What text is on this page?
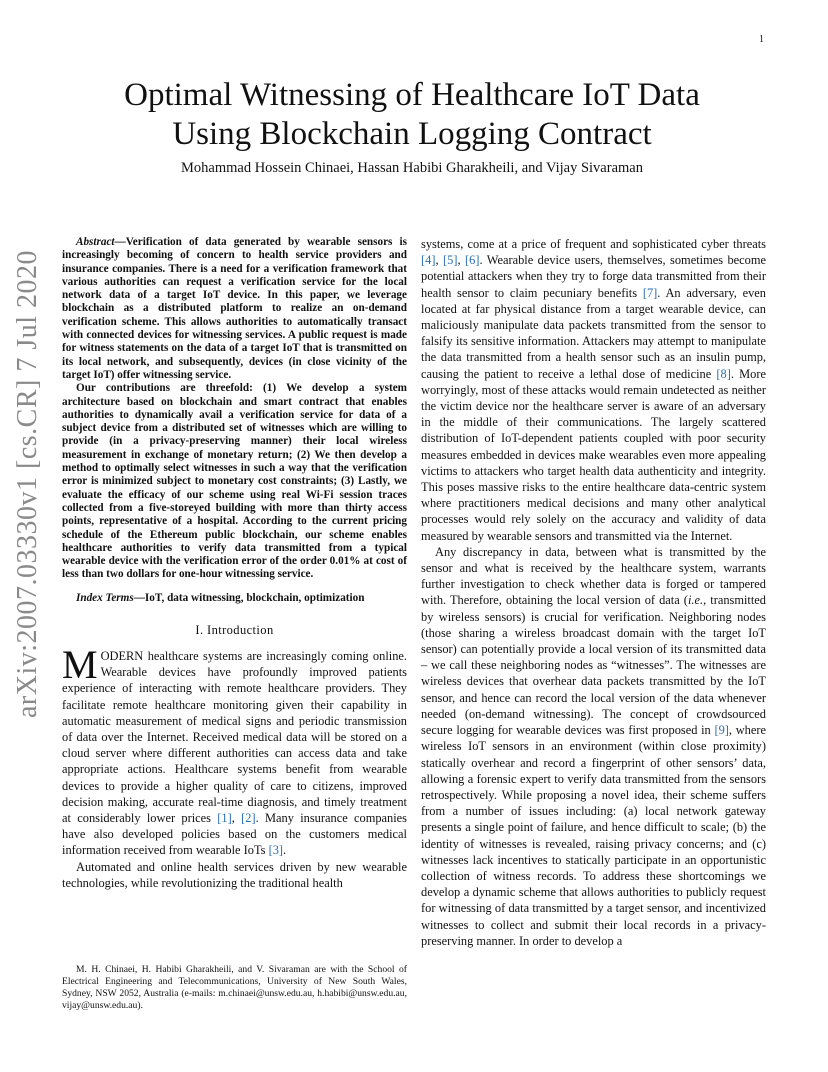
1
arXiv:2007.03330v1 [cs.CR] 7 Jul 2020
Optimal Witnessing of Healthcare IoT Data
Using Blockchain Logging Contract
Mohammad Hossein Chinaei, Hassan Habibi Gharakheili, and Vijay Sivaraman

Abstract—Verification of data generated by wearable sensors is increasingly becoming of concern to health service providers and insurance companies. There is a need for a verification framework that various authorities can request a verification service for the local network data of a target IoT device. In this paper, we leverage blockchain as a distributed platform to realize an on-demand verification scheme. This allows authorities to automatically transact with connected devices for witnessing services. A public request is made for witness statements on the data of a target IoT that is transmitted on its local network, and subsequently, devices (in close vicinity of the target IoT) offer witnessing service.

Our contributions are threefold: (1) We develop a system architecture based on blockchain and smart contract that enables authorities to dynamically avail a verification service for data of a subject device from a distributed set of witnesses which are willing to provide (in a privacy-preserving manner) their local wireless measurement in exchange of monetary return; (2) We then develop a method to optimally select witnesses in such a way that the verification error is minimized subject to monetary cost constraints; (3) Lastly, we evaluate the efficacy of our scheme using real Wi-Fi session traces collected from a five-storeyed building with more than thirty access points, representative of a hospital. According to the current pricing schedule of the Ethereum public blockchain, our scheme enables healthcare authorities to verify data transmitted from a typical wearable device with the verification error of the order 0.01% at cost of less than two dollars for one-hour witnessing service.

Index Terms—IoT, data witnessing, blockchain, optimization
I. Introduction

MODERN healthcare systems are increasingly coming online. Wearable devices have profoundly improved patients experience of interacting with remote healthcare providers. They facilitate remote healthcare monitoring given their capability in automatic measurement of medical signs and periodic transmission of data over the Internet. Received medical data will be stored on a cloud server where different authorities can access data and take appropriate actions. Healthcare systems benefit from wearable devices to provide a higher quality of care to citizens, improved decision making, accurate real-time diagnosis, and timely treatment at considerably lower prices [1], [2]. Many insurance companies have also developed policies based on the customers medical information received from wearable IoTs [3].

Automated and online health services driven by new wearable technologies, while revolutionizing the traditional health

M. H. Chinaei, H. Habibi Gharakheili, and V. Sivaraman are with the School of Electrical Engineering and Telecommunications, University of New South Wales, Sydney, NSW 2052, Australia (e-mails: m.chinaei@unsw.edu.au, h.habibi@unsw.edu.au, vijay@unsw.edu.au).

systems, come at a price of frequent and sophisticated cyber threats [4], [5], [6]. Wearable device users, themselves, sometimes become potential attackers when they try to forge data transmitted from their health sensor to claim pecuniary benefits [7]. An adversary, even located at far physical distance from a target wearable device, can maliciously manipulate data packets transmitted from the sensor to falsify its sensitive information. Attackers may attempt to manipulate the data transmitted from a health sensor such as an insulin pump, causing the patient to receive a lethal dose of medicine [8]. More worryingly, most of these attacks would remain undetected as neither the victim device nor the healthcare server is aware of an adversary in the middle of their communications. The largely scattered distribution of IoT-dependent patients coupled with poor security measures embedded in devices make wearables even more appealing victims to attackers who target health data authenticity and integrity. This poses massive risks to the entire healthcare data-centric system where practitioners medical decisions and many other analytical processes would rely solely on the accuracy and validity of data measured by wearable sensors and transmitted via the Internet.

Any discrepancy in data, between what is transmitted by the sensor and what is received by the healthcare system, warrants further investigation to check whether data is forged or tampered with. Therefore, obtaining the local version of data (i.e., transmitted by wireless sensors) is crucial for verification. Neighboring nodes (those sharing a wireless broadcast domain with the target IoT sensor) can potentially provide a local version of its transmitted data – we call these neighboring nodes as “witnesses”. The witnesses are wireless devices that overhear data packets transmitted by the IoT sensor, and hence can record the local version of the data whenever needed (on-demand witnessing). The concept of crowdsourced secure logging for wearable devices was first proposed in [9], where wireless IoT sensors in an environment (within close proximity) statically overhear and record a fingerprint of other sensors’ data, allowing a forensic expert to verify data transmitted from the sensors retrospectively. While proposing a novel idea, their scheme suffers from a number of issues including: (a) local network gateway presents a single point of failure, and hence difficult to scale; (b) the identity of witnesses is revealed, raising privacy concerns; and (c) witnesses lack incentives to statically participate in an opportunistic collection of witness records. To address these shortcomings we develop a dynamic scheme that allows authorities to publicly request for witnessing of data transmitted by a target sensor, and incentivized witnesses to collect and submit their local records in a privacy-preserving manner. In order to develop a
